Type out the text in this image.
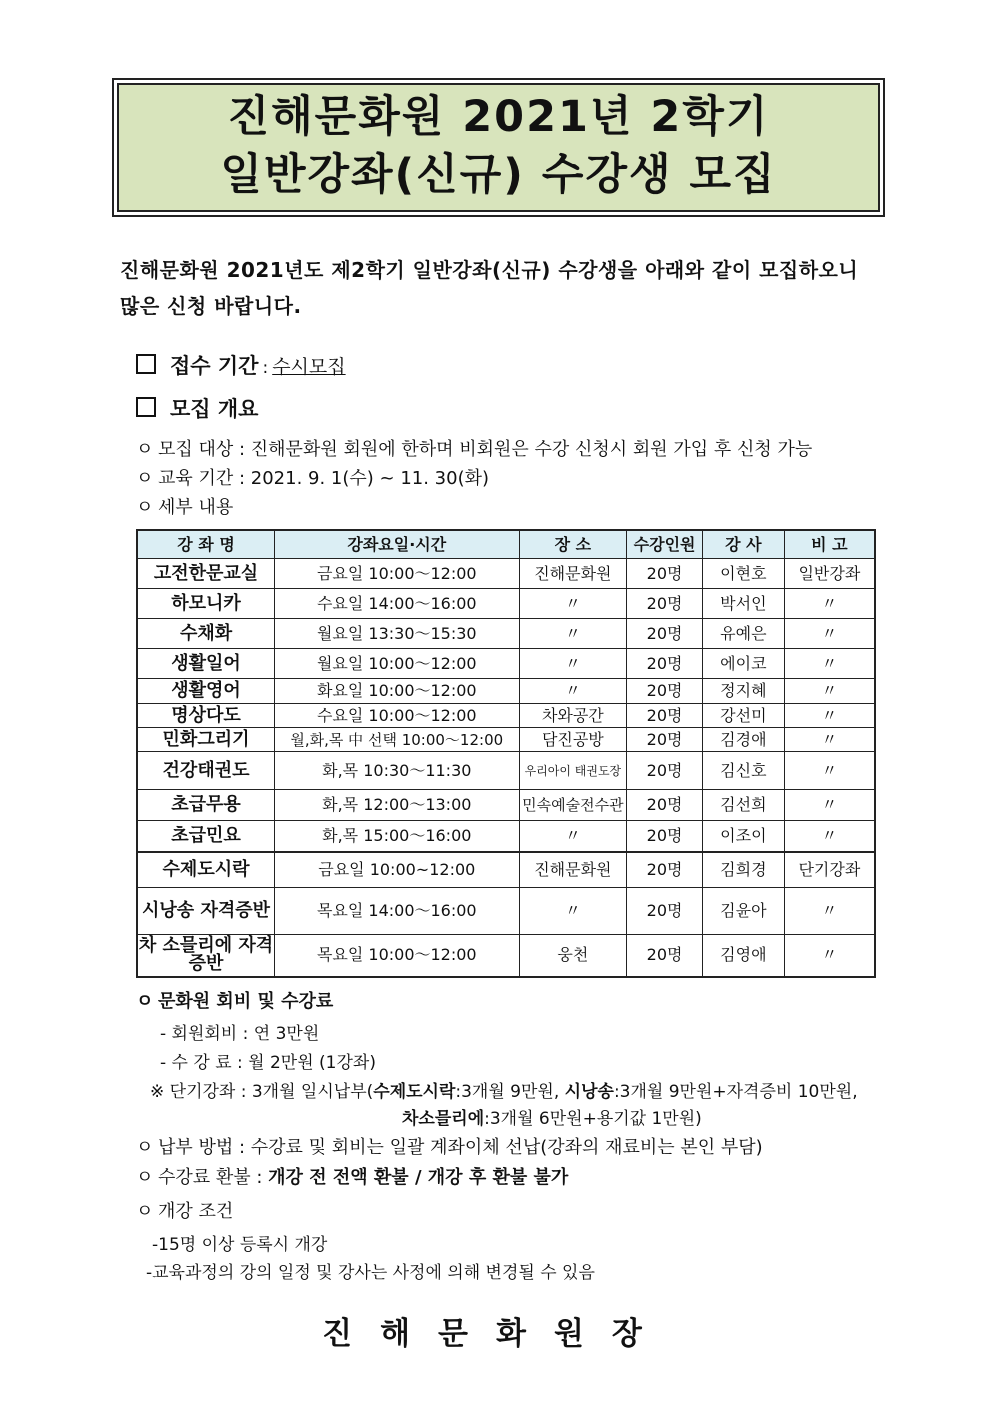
진해문화원 2021년 2학기
일반강좌(신규) 수강생 모집
진해문화원 2021년도 제2학기 일반강좌(신규) 수강생을 아래와 같이 모집하오니 많은 신청 바랍니다.
접수 기간 : 수시모집
모집 개요
ㅇ 모집 대상 : 진해문화원 회원에 한하며 비회원은 수강 신청시 회원 가입 후 신청 가능
ㅇ 교육 기간 : 2021. 9. 1(수) ~ 11. 30(화)
ㅇ 세부 내용
강 좌 명	강좌요일·시간	장 소	수강인원	강 사	비 고
고전한문교실	금요일 10:00～12:00	진해문화원	20명	이현호	일반강좌
하모니카	수요일 14:00～16:00	〃	20명	박서인	〃
수채화	월요일 13:30～15:30	〃	20명	유예은	〃
생활일어	월요일 10:00～12:00	〃	20명	에이코	〃
생활영어	화요일 10:00～12:00	〃	20명	정지혜	〃
명상다도	수요일 10:00～12:00	차와공간	20명	강선미	〃
민화그리기	월,화,목 中 선택 10:00～12:00	담진공방	20명	김경애	〃
건강태권도	화,목 10:30～11:30	우리아이 태권도장	20명	김신호	〃
초급무용	화,목 12:00～13:00	민속예술전수관	20명	김선희	〃
초급민요	화,목 15:00～16:00	〃	20명	이조이	〃
수제도시락	금요일 10:00~12:00	진해문화원	20명	김희경	단기강좌
시낭송 자격증반	목요일 14:00～16:00	〃	20명	김윤아	〃
차 소믈리에 자격증반	목요일 10:00～12:00	웅천	20명	김영애	〃
ㅇ 문화원 회비 및 수강료
- 회원회비 : 연 3만원
- 수 강 료 : 월 2만원 (1강좌)
※ 단기강좌 : 3개월 일시납부(수제도시락:3개월 9만원, 시낭송:3개월 9만원+자격증비 10만원,
차소믈리에:3개월 6만원+용기값 1만원)
ㅇ 납부 방법 : 수강료 및 회비는 일괄 계좌이체 선납(강좌의 재료비는 본인 부담)
ㅇ 수강료 환불 : 개강 전 전액 환불 / 개강 후 환불 불가
ㅇ 개강 조건
-15명 이상 등록시 개강
-교육과정의 강의 일정 및 강사는 사정에 의해 변경될 수 있음
진해문화원장
